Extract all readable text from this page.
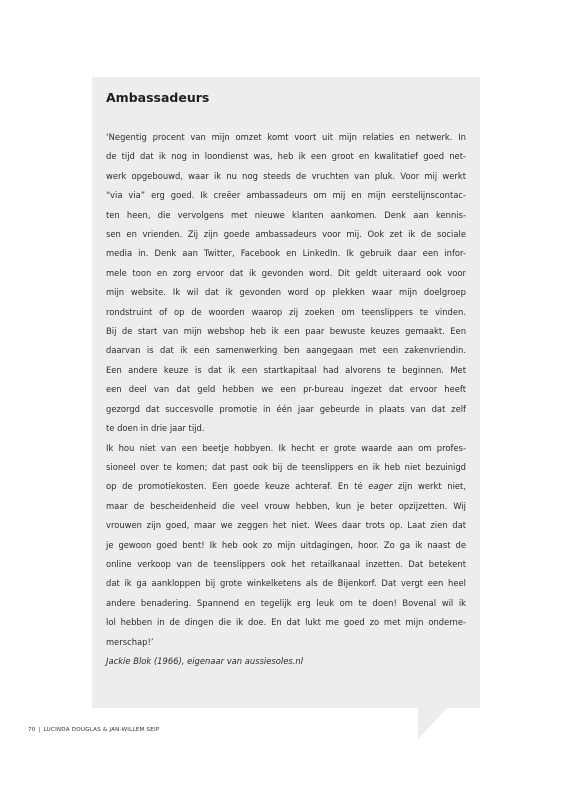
Ambassadeurs
‘Negentig procent van mijn omzet komt voort uit mijn relaties en netwerk. In
de tijd dat ik nog in loondienst was, heb ik een groot en kwalitatief goed net-
werk opgebouwd, waar ik nu nog steeds de vruchten van pluk. Voor mij werkt
“via via” erg goed. Ik creëer ambassadeurs om mij en mijn eerstelijnscontac-
ten heen, die vervolgens met nieuwe klanten aankomen. Denk aan kennis-
sen en vrienden. Zij zijn goede ambassadeurs voor mij. Ook zet ik de sociale
media in. Denk aan Twitter, Facebook en LinkedIn. Ik gebruik daar een infor-
mele toon en zorg ervoor dat ik gevonden word. Dit geldt uiteraard ook voor
mijn website. Ik wil dat ik gevonden word op plekken waar mijn doelgroep
rondstruint of op de woorden waarop zij zoeken om teenslippers te vinden.
Bij de start van mijn webshop heb ik een paar bewuste keuzes gemaakt. Een
daarvan is dat ik een samenwerking ben aangegaan met een zakenvriendin.
Een andere keuze is dat ik een startkapitaal had alvorens te beginnen. Met
een deel van dat geld hebben we een pr-bureau ingezet dat ervoor heeft
gezorgd dat succesvolle promotie in één jaar gebeurde in plaats van dat zelf
te doen in drie jaar tijd.
Ik hou niet van een beetje hobbyen. Ik hecht er grote waarde aan om profes-
sioneel over te komen; dat past ook bij de teenslippers en ik heb niet bezuinigd
op de promotiekosten. Een goede keuze achteraf. En té eager zijn werkt niet,
maar de bescheidenheid die veel vrouw hebben, kun je beter opzijzetten. Wij
vrouwen zijn goed, maar we zeggen het niet. Wees daar trots op. Laat zien dat
je gewoon goed bent! Ik heb ook zo mijn uitdagingen, hoor. Zo ga ik naast de
online verkoop van de teenslippers ook het retailkanaal inzetten. Dat betekent
dat ik ga aankloppen bij grote winkelketens als de Bijenkorf. Dat vergt een heel
andere benadering. Spannend en tegelijk erg leuk om te doen! Bovenal wil ik
lol hebben in de dingen die ik doe. En dat lukt me goed zo met mijn onderne-
merschap!’
Jackie Blok (1966), eigenaar van aussiesoles.nl
70 | LUCINDA DOUGLAS & JAN-WILLEM SEIP
